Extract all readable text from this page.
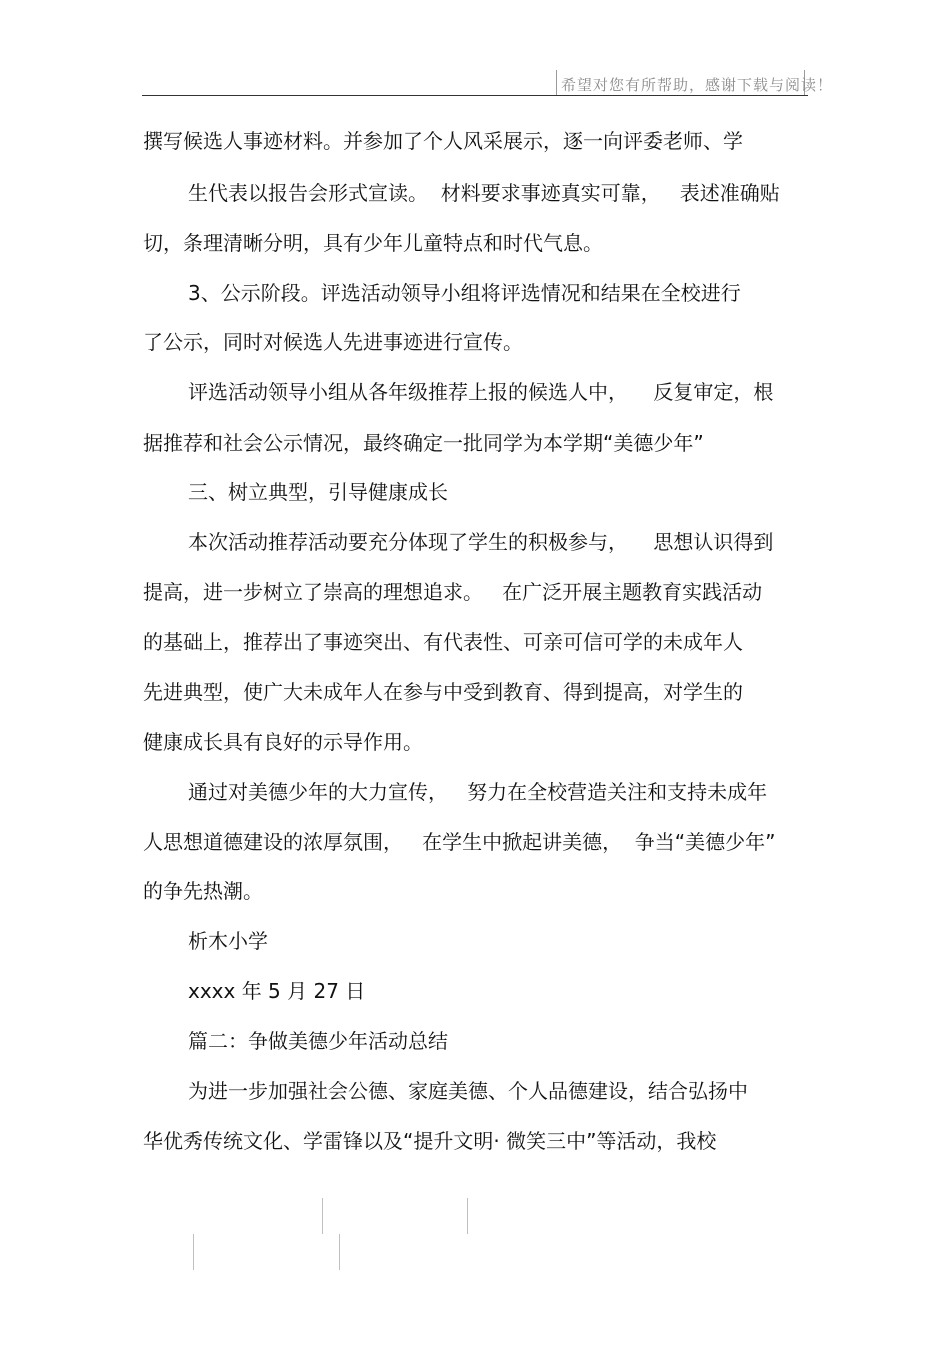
希望对您有所帮助，感谢下载与阅读！
撰写候选人事迹材料。并参加了个人风采展示，逐一向评委老师、学
生代表以报告会形式宣读。  材料要求事迹真实可靠，   表述准确贴
切，条理清晰分明，具有少年儿童特点和时代气息。
3、公示阶段。评选活动领导小组将评选情况和结果在全校进行
了公示，同时对候选人先进事迹进行宣传。
评选活动领导小组从各年级推荐上报的候选人中，    反复审定，根
据推荐和社会公示情况，最终确定一批同学为本学期“美德少年”
三、树立典型，引导健康成长
本次活动推荐活动要充分体现了学生的积极参与，    思想认识得到
提高，进一步树立了崇高的理想追求。   在广泛开展主题教育实践活动
的基础上，推荐出了事迹突出、有代表性、可亲可信可学的未成年人
先进典型，使广大未成年人在参与中受到教育、得到提高，对学生的
健康成长具有良好的示导作用。
通过对美德少年的大力宣传，   努力在全校营造关注和支持未成年
人思想道德建设的浓厚氛围，   在学生中掀起讲美德，  争当“美德少年”
的争先热潮。
析木小学
xxxx 年 5 月 27 日
篇二：争做美德少年活动总结
为进一步加强社会公德、家庭美德、个人品德建设，结合弘扬中
华优秀传统文化、学雷锋以及“提升文明· 微笑三中”等活动，我校
